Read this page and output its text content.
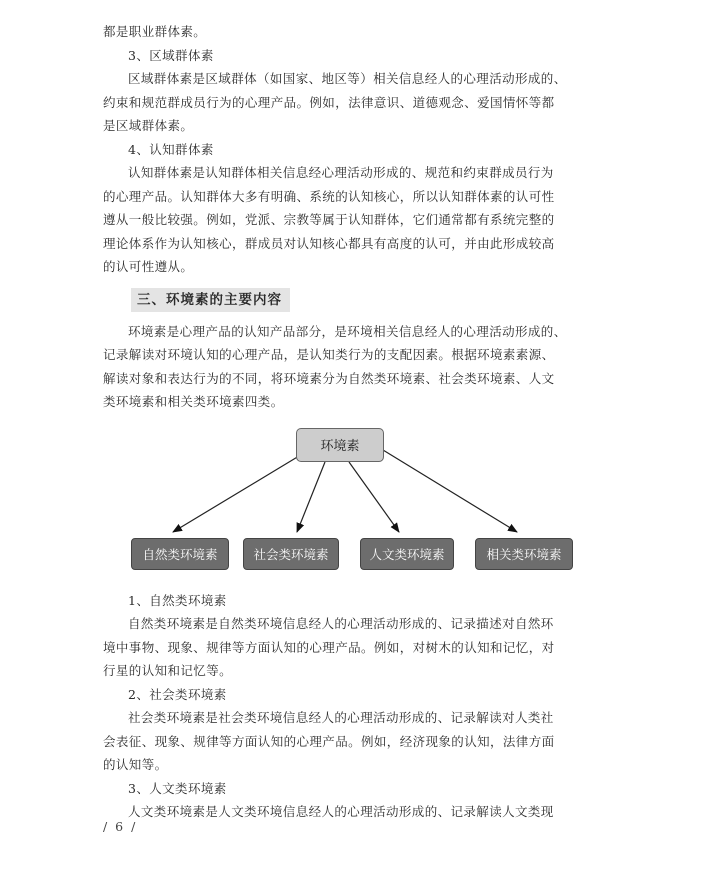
都是职业群体素。
3、区域群体素
区域群体素是区域群体（如国家、地区等）相关信息经人的心理活动形成的、
约束和规范群成员行为的心理产品。例如，法律意识、道德观念、爱国情怀等都
是区域群体素。
4、认知群体素
认知群体素是认知群体相关信息经心理活动形成的、规范和约束群成员行为
的心理产品。认知群体大多有明确、系统的认知核心，所以认知群体素的认可性
遵从一般比较强。例如，党派、宗教等属于认知群体，它们通常都有系统完整的
理论体系作为认知核心，群成员对认知核心都具有高度的认可，并由此形成较高
的认可性遵从。
三、环境素的主要内容
环境素是心理产品的认知产品部分，是环境相关信息经人的心理活动形成的、
记录解读对环境认知的心理产品，是认知类行为的支配因素。根据环境素素源、
解读对象和表达行为的不同，将环境素分为自然类环境素、社会类环境素、人文
类环境素和相关类环境素四类。
环境素
自然类环境素	社会类环境素	人文类环境素	相关类环境素
1、自然类环境素
自然类环境素是自然类环境信息经人的心理活动形成的、记录描述对自然环
境中事物、现象、规律等方面认知的心理产品。例如，对树木的认知和记忆，对
行星的认知和记忆等。
2、社会类环境素
社会类环境素是社会类环境信息经人的心理活动形成的、记录解读对人类社
会表征、现象、规律等方面认知的心理产品。例如，经济现象的认知，法律方面
的认知等。
3、人文类环境素
人文类环境素是人文类环境信息经人的心理活动形成的、记录解读人文类现
/ 6 /
